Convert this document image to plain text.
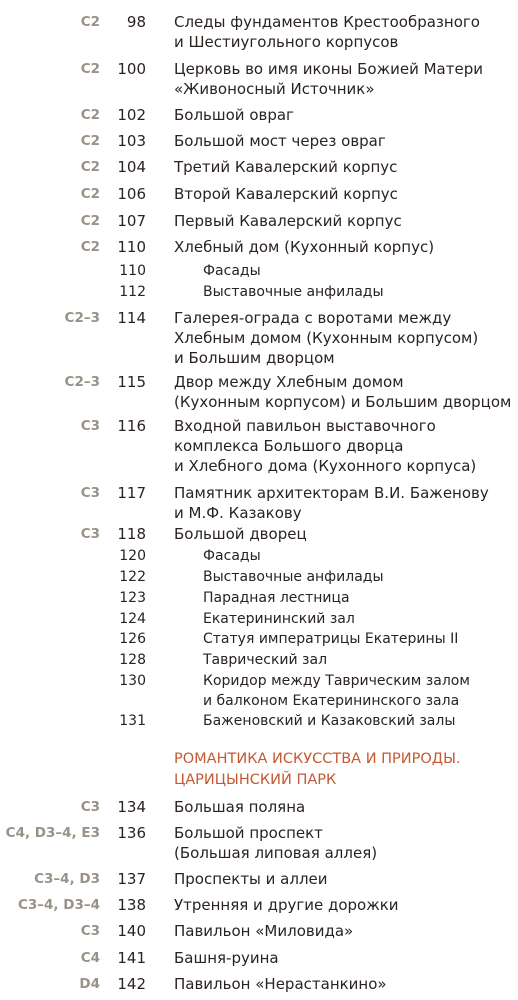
C2	98 Следы фундаментов Крестообразного
и Шестиугольного корпусов
C2	100 Церковь во имя иконы Божией Матери
«Живоносный Источник»
C2	102 Большой овраг
C2	103 Большой мост через овраг
C2	104 Третий Кавалерский корпус
C2	106 Второй Кавалерский корпус
C2	107 Первый Кавалерский корпус
C2	110 Хлебный дом (Кухонный корпус)
110	Фасады
112	Выставочные анфилады
C2–3	114 Галерея-ограда с воротами между
Хлебным домом (Кухонным корпусом)
и Большим дворцом
C2–3	115 Двор между Хлебным домом
(Кухонным корпусом) и Большим дворцом
C3	116 Входной павильон выставочного
комплекса Большого дворца
и Хлебного дома (Кухонного корпуса)
C3	117 Памятник архитекторам В.И. Баженову
и М.Ф. Казакову
C3	118 Большой дворец
120	Фасады
122	Выставочные анфилады
123	Парадная лестница
124	Екатерининский зал
126	Статуя императрицы Екатерины II
128	Таврический зал
130	Коридор между Таврическим залом
и балконом Екатерининского зала
131	Баженовский и Казаковский залы
РОМАНТИКА ИСКУССТВА И ПРИРОДЫ.
ЦАРИЦЫНСКИЙ ПАРК
C3	134 Большая поляна
C4, D3–4, E3	136 Большой проспект
(Большая липовая аллея)
C3–4, D3	137 Проспекты и аллеи
C3–4, D3–4	138 Утренняя и другие дорожки
C3	140 Павильон «Миловида»
C4	141 Башня-руина
D4	142 Павильон «Нерастанкино»
